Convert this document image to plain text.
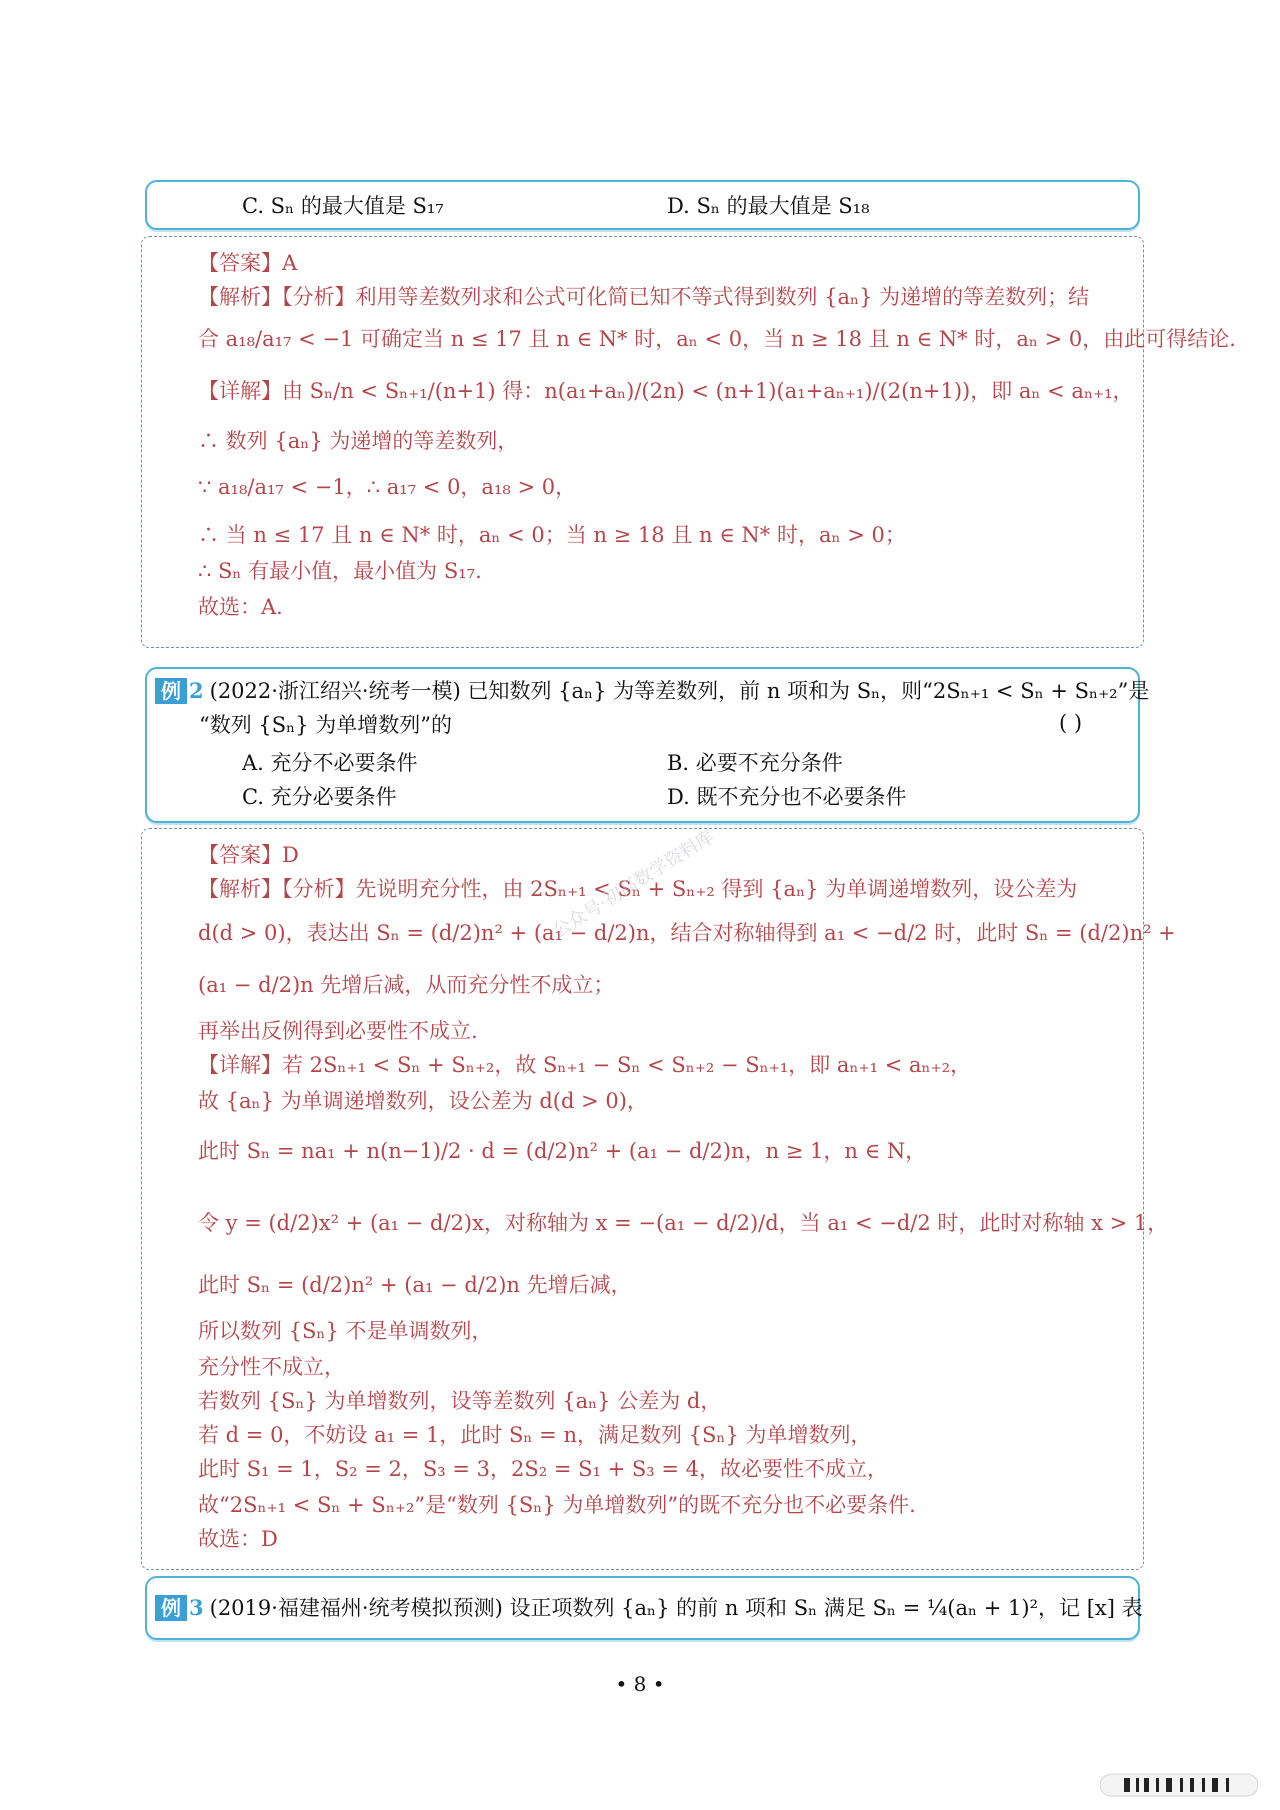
C. Sₙ 的最大值是 S₁₇	D. Sₙ 的最大值是 S₁₈
【答案】A
【解析】【分析】利用等差数列求和公式可化简已知不等式得到数列 {aₙ} 为递增的等差数列；结
合 a₁₈/a₁₇ < −1 可确定当 n ≤ 17 且 n ∈ N* 时，aₙ < 0，当 n ≥ 18 且 n ∈ N* 时，aₙ > 0，由此可得结论.
【详解】由 Sₙ/n < Sₙ₊₁/(n+1) 得：n(a₁+aₙ)/(2n) < (n+1)(a₁+aₙ₊₁)/(2(n+1))，即 aₙ < aₙ₊₁，
∴ 数列 {aₙ} 为递增的等差数列，
∵ a₁₈/a₁₇ < −1，∴ a₁₇ < 0，a₁₈ > 0，
∴ 当 n ≤ 17 且 n ∈ N* 时，aₙ < 0；当 n ≥ 18 且 n ∈ N* 时，aₙ > 0；
∴ Sₙ 有最小值，最小值为 S₁₇.
故选：A.
例 2 (2022·浙江绍兴·统考一模) 已知数列 {aₙ} 为等差数列，前 n 项和为 Sₙ，则“2Sₙ₊₁ < Sₙ + Sₙ₊₂”是
“数列 {Sₙ} 为单增数列”的	( )
A. 充分不必要条件	B. 必要不充分条件
C. 充分必要条件	D. 既不充分也不必要条件
【答案】D
【解析】【分析】先说明充分性，由 2Sₙ₊₁ < Sₙ + Sₙ₊₂ 得到 {aₙ} 为单调递增数列，设公差为
d(d > 0)，表达出 Sₙ = (d/2)n² + (a₁ − d/2)n，结合对称轴得到 a₁ < −d/2 时，此时 Sₙ = (d/2)n² +
(a₁ − d/2)n 先增后减，从而充分性不成立；
再举出反例得到必要性不成立.
【详解】若 2Sₙ₊₁ < Sₙ + Sₙ₊₂，故 Sₙ₊₁ − Sₙ < Sₙ₊₂ − Sₙ₊₁，即 aₙ₊₁ < aₙ₊₂，
故 {aₙ} 为单调递增数列，设公差为 d(d > 0)，
此时 Sₙ = na₁ + n(n−1)/2 · d = (d/2)n² + (a₁ − d/2)n，n ≥ 1，n ∈ N，
令 y = (d/2)x² + (a₁ − d/2)x，对称轴为 x = −(a₁ − d/2)/d，当 a₁ < −d/2 时，此时对称轴 x > 1，
此时 Sₙ = (d/2)n² + (a₁ − d/2)n 先增后减，
所以数列 {Sₙ} 不是单调数列，
充分性不成立，
若数列 {Sₙ} 为单增数列，设等差数列 {aₙ} 公差为 d，
若 d = 0，不妨设 a₁ = 1，此时 Sₙ = n，满足数列 {Sₙ} 为单增数列，
此时 S₁ = 1，S₂ = 2，S₃ = 3，2S₂ = S₁ + S₃ = 4，故必要性不成立，
故“2Sₙ₊₁ < Sₙ + Sₙ₊₂”是“数列 {Sₙ} 为单增数列”的既不充分也不必要条件.
故选：D
例 3 (2019·福建福州·统考模拟预测) 设正项数列 {aₙ} 的前 n 项和 Sₙ 满足 Sₙ = ¼(aₙ + 1)²，记 [x] 表
公众号·初高数学资料库
• 8 •
